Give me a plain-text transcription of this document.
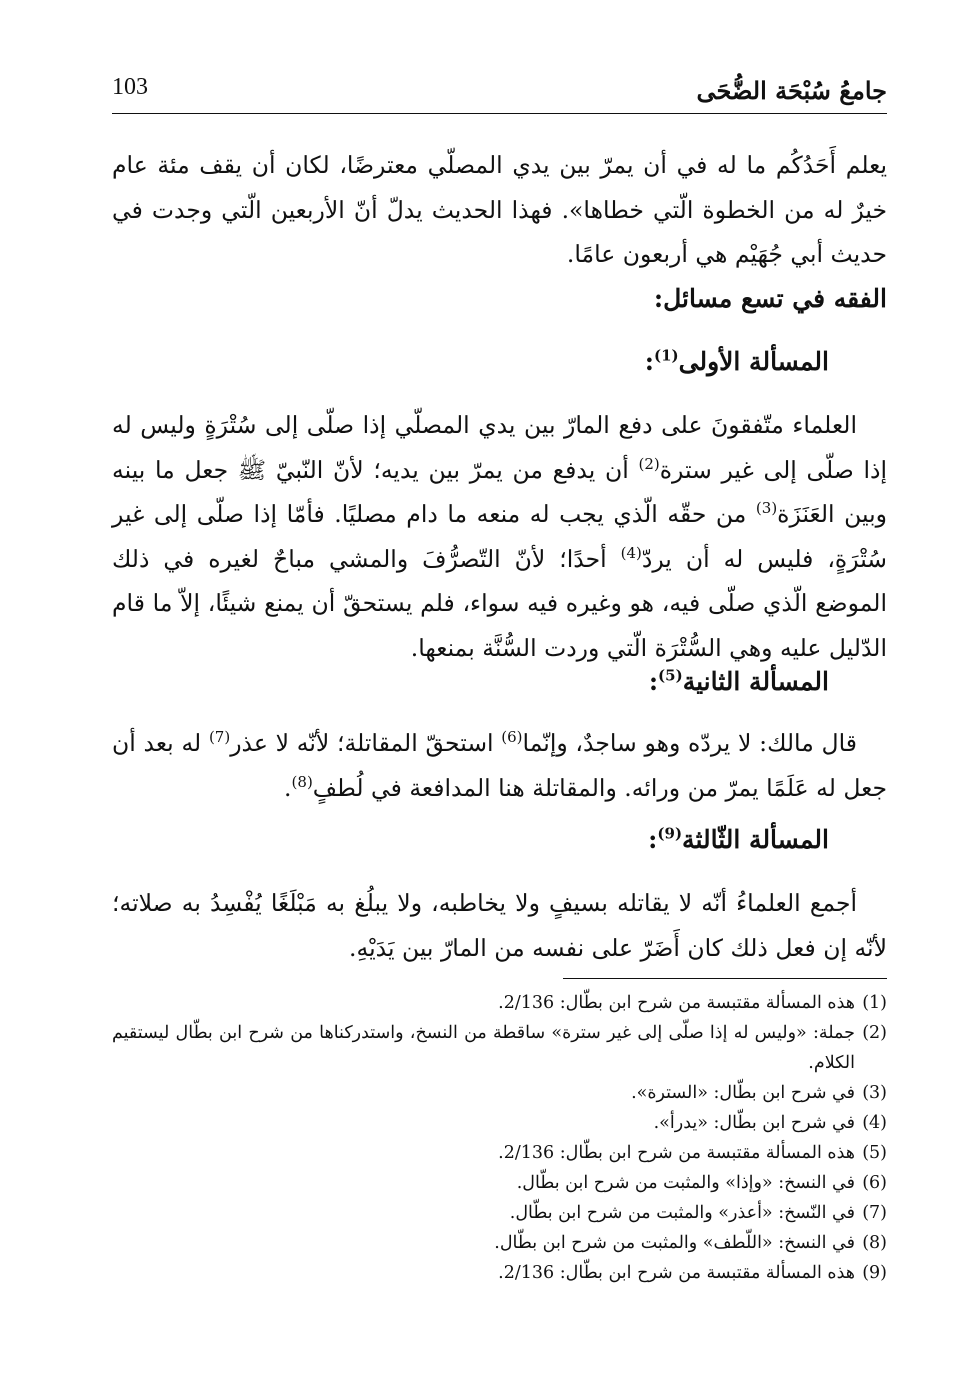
جامعُ سُبْحَة الضُّحَى
103

يعلم أَحَدُكُم ما له في أن يمرّ بين يدي المصلّي معترضًا، لكان أن يقف مئة عام خيرٌ له من الخطوة الّتي خطاها». فهذا الحديث يدلّ أنّ الأربعين الّتي وجدت في حديث أبي جُهَيْم هي أربعون عامًا.

الفقه في تسع مسائل:
المسألة الأولى$^{(1)}$:

العلماء متّفقونَ على دفع المارّ بين يدي المصلّي إذا صلّى إلى سُتْرَةٍ وليس له إذا صلّى إلى غير سترة$^{(2)}$ أن يدفع من يمرّ بين يديه؛ لأنّ النّبيّ ﷺ جعل ما بينه وبين العَنَزَة$^{(3)}$ من حقّه الّذي يجب له منعه ما دام مصليًا. فأمّا إذا صلّى إلى غير سُتْرَةٍ، فليس له أن يردّ$^{(4)}$ أحدًا؛ لأنّ التّصرُّفَ والمشي مباحٌ لغيره في ذلك الموضع الّذي صلّى فيه، هو وغيره فيه سواء، فلم يستحقّ أن يمنع شيئًا، إلاّ ما قام الدّليل عليه وهي السُّتْرَة الّتي وردت السُّنَّة بمنعها.

المسألة الثانية$^{(5)}$:

قال مالك: لا يردّه وهو ساجدٌ، وإنّما$^{(6)}$ استحقّ المقاتلة؛ لأنّه لا عذر$^{(7)}$ له بعد أن جعل له عَلَمًا يمرّ من ورائه. والمقاتلة هنا المدافعة في لُطفٍ$^{(8)}$.

المسألة الثّالثة$^{(9)}$:

أجمع العلماءُ أنّه لا يقاتله بسيفٍ ولا يخاطبه، ولا يبلُغ به مَبْلَغًا يُفْسِدُ به صلاته؛ لأنّه إن فعل ذلك كان أَضَرّ على نفسه من المارّ بين يَدَيْهِ.

(1)
هذه المسألة مقتبسة من شرح ابن بطّال: 2/136.
(2)
جملة: «وليس له إذا صلّى إلى غير سترة» ساقطة من النسخ، واستدركناها من شرح ابن بطّال ليستقيم الكلام.
(3)
في شرح ابن بطّال: «السترة».
(4)
في شرح ابن بطّال: «يدرأ».
(5)
هذه المسألة مقتبسة من شرح ابن بطّال: 2/136.
(6)
في النسخ: «وإذا» والمثبت من شرح ابن بطّال.
(7)
في النّسخ: «أعذر» والمثبت من شرح ابن بطّال.
(8)
في النسخ: «اللّطف» والمثبت من شرح ابن بطّال.
(9)
هذه المسألة مقتبسة من شرح ابن بطّال: 2/136.
